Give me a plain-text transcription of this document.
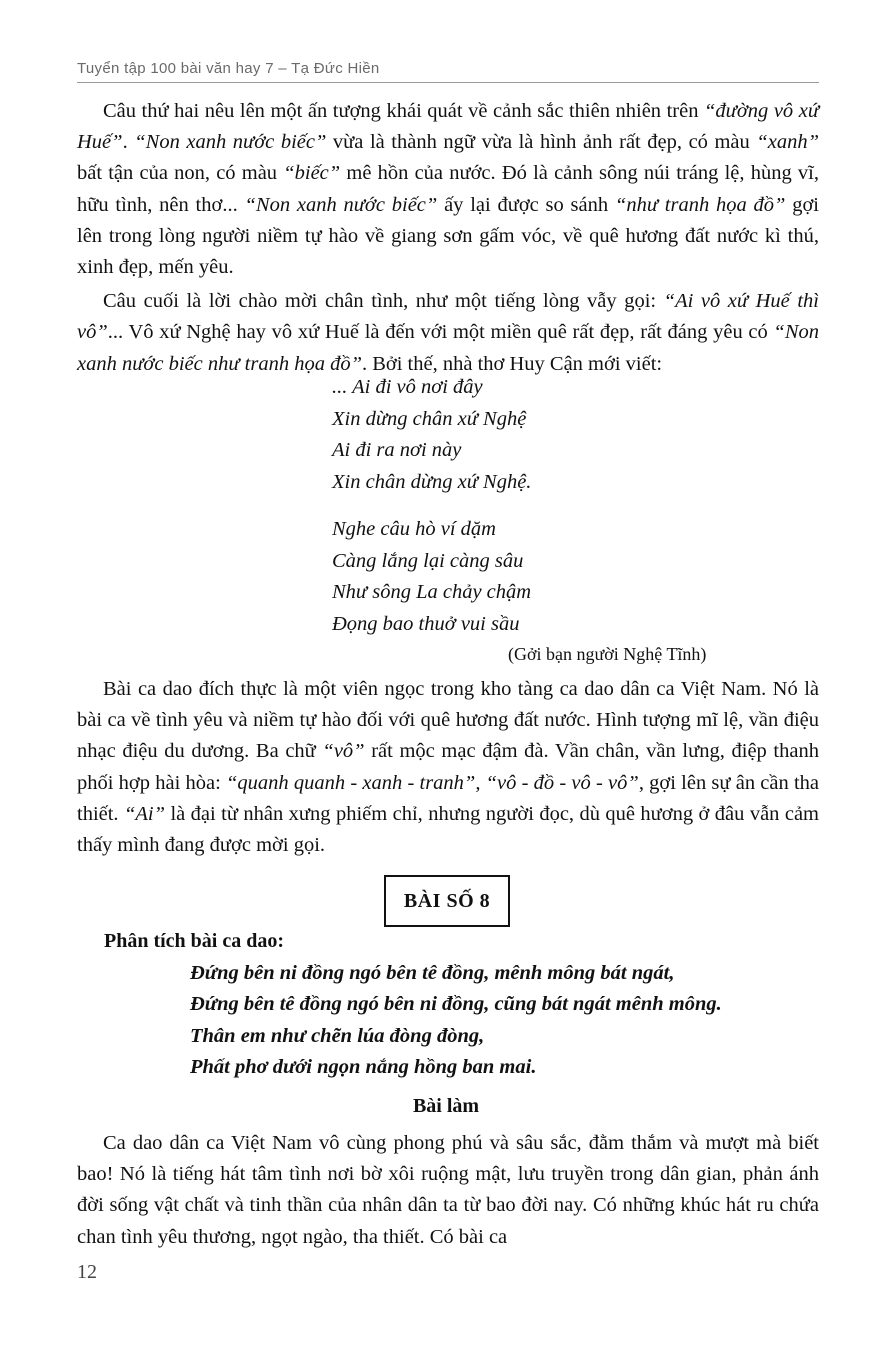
Tuyển tập 100 bài văn hay 7 – Tạ Đức Hiền

Câu thứ hai nêu lên một ấn tượng khái quát về cảnh sắc thiên nhiên trên “đường vô xứ Huế”. “Non xanh nước biếc” vừa là thành ngữ vừa là hình ảnh rất đẹp, có màu “xanh” bất tận của non, có màu “biếc” mê hồn của nước. Đó là cảnh sông núi tráng lệ, hùng vĩ, hữu tình, nên thơ... “Non xanh nước biếc” ấy lại được so sánh “như tranh họa đồ” gợi lên trong lòng người niềm tự hào về giang sơn gấm vóc, về quê hương đất nước kì thú, xinh đẹp, mến yêu.

Câu cuối là lời chào mời chân tình, như một tiếng lòng vẫy gọi: “Ai vô xứ Huế thì vô”... Vô xứ Nghệ hay vô xứ Huế là đến với một miền quê rất đẹp, rất đáng yêu có “Non xanh nước biếc như tranh họa đồ”. Bởi thế, nhà thơ Huy Cận mới viết:

... Ai đi vô nơi đây
Xin dừng chân xứ Nghệ
Ai đi ra nơi này
Xin chân dừng xứ Nghệ.
Nghe câu hò ví dặm
Càng lắng lại càng sâu
Như sông La chảy chậm
Đọng bao thuở vui sầu
(Gởi bạn người Nghệ Tĩnh)

Bài ca dao đích thực là một viên ngọc trong kho tàng ca dao dân ca Việt Nam. Nó là bài ca về tình yêu và niềm tự hào đối với quê hương đất nước. Hình tượng mĩ lệ, vần điệu nhạc điệu du dương. Ba chữ “vô” rất mộc mạc đậm đà. Vần chân, vần lưng, điệp thanh phối hợp hài hòa: “quanh quanh - xanh - tranh”, “vô - đồ - vô - vô”, gợi lên sự ân cần tha thiết. “Ai” là đại từ nhân xưng phiếm chỉ, nhưng người đọc, dù quê hương ở đâu vẫn cảm thấy mình đang được mời gọi.

BÀI SỐ 8
Phân tích bài ca dao:
Đứng bên ni đồng ngó bên tê đồng, mênh mông bát ngát,
Đứng bên tê đồng ngó bên ni đồng, cũng bát ngát mênh mông.
Thân em như chẽn lúa đòng đòng,
Phất phơ dưới ngọn nắng hồng ban mai.
Bài làm

Ca dao dân ca Việt Nam vô cùng phong phú và sâu sắc, đằm thắm và mượt mà biết bao! Nó là tiếng hát tâm tình nơi bờ xôi ruộng mật, lưu truyền trong dân gian, phản ánh đời sống vật chất và tinh thần của nhân dân ta từ bao đời nay. Có những khúc hát ru chứa chan tình yêu thương, ngọt ngào, tha thiết. Có bài ca

12
